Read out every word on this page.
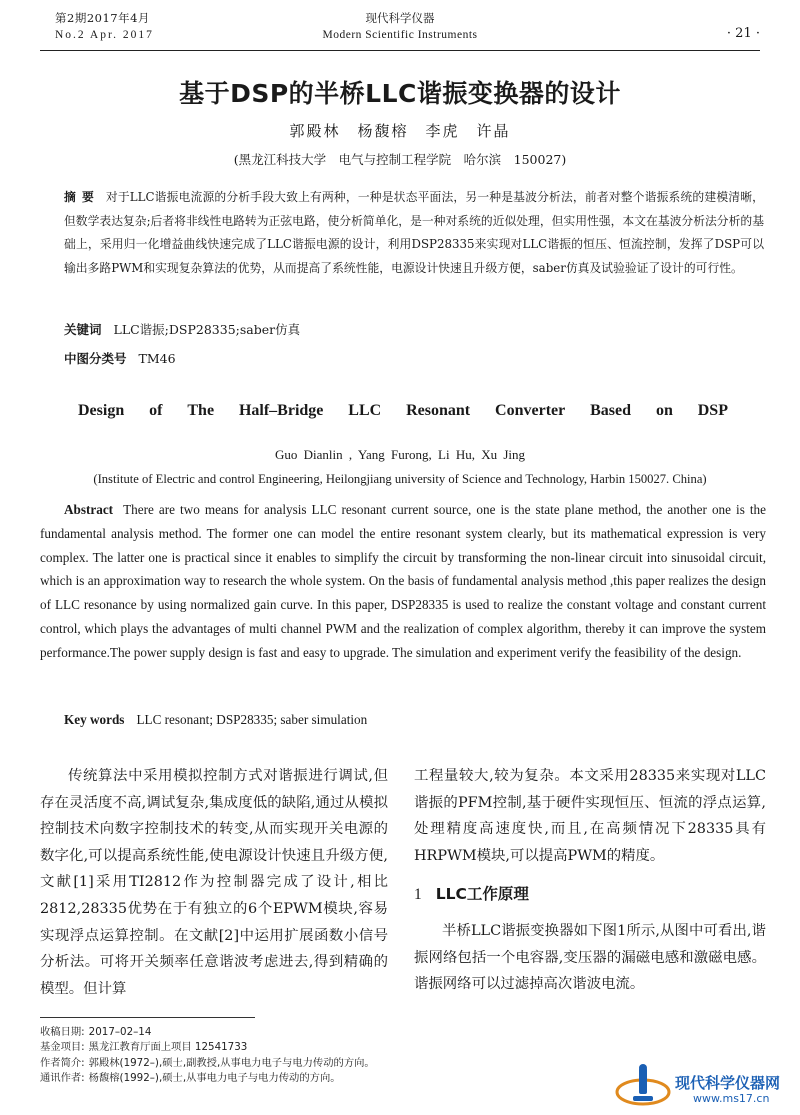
第2期2017年4月
No.2 Apr. 2017
现代科学仪器
Modern Scientific Instruments	· 21 ·
基于DSP的半桥LLC谐振变换器的设计
郭殿林　杨馥榕　李虎　许晶
(黑龙江科技大学　电气与控制工程学院　哈尔滨　150027)
摘要 对于LLC谐振电流源的分析手段大致上有两种，一种是状态平面法，另一种是基波分析法，前者对整个谐振系统的建模清晰，但数学表达复杂;后者将非线性电路转为正弦电路，使分析简单化，是一种对系统的近似处理，但实用性强，本文在基波分析法分析的基础上，采用归一化增益曲线快速完成了LLC谐振电源的设计，利用DSP28335来实现对LLC谐振的恒压、恒流控制，发挥了DSP可以输出多路PWM和实现复杂算法的优势，从而提高了系统性能，电源设计快速且升级方便，saber仿真及试验验证了设计的可行性。
关键词 LLC谐振;DSP28335;saber仿真
中图分类号 TM46
Design of The Half–Bridge LLC Resonant Converter Based on DSP
Guo Dianlin , Yang Furong, Li Hu, Xu Jing
(Institute of Electric and control Engineering, Heilongjiang university of Science and Technology, Harbin 150027. China)
Abstract There are two means for analysis LLC resonant current source, one is the state plane method, the another one is the fundamental analysis method. The former one can model the entire resonant system clearly, but its mathematical expression is very complex. The latter one is practical since it enables to simplify the circuit by transforming the non-linear circuit into sinusoidal circuit, which is an approximation way to research the whole system. On the basis of fundamental analysis method ,this paper realizes the design of LLC resonance by using normalized gain curve. In this paper, DSP28335 is used to realize the constant voltage and constant current control, which plays the advantages of multi channel PWM and the realization of complex algorithm, thereby it can improve the system performance.The power supply design is fast and easy to upgrade. The simulation and experiment verify the feasibility of the design.
Key words LLC resonant; DSP28335; saber simulation
传统算法中采用模拟控制方式对谐振进行调试,但存在灵活度不高,调试复杂,集成度低的缺陷,通过从模拟控制技术向数字控制技术的转变,从而实现开关电源的数字化,可以提高系统性能,使电源设计快速且升级方便,文献[1]采用TI2812作为控制器完成了设计,相比2812,28335优势在于有独立的6个EPWM模块,容易实现浮点运算控制。在文献[2]中运用扩展函数小信号分析法。可将开关频率任意谐波考虑进去,得到精确的模型。但计算
工程量较大,较为复杂。本文采用28335来实现对LLC谐振的PFM控制,基于硬件实现恒压、恒流的浮点运算,处理精度高速度快,而且,在高频情况下28335具有HRPWM模块,可以提高PWM的精度。
1 LLC工作原理
半桥LLC谐振变换器如下图1所示,从图中可看出,谐振网络包括一个电容器,变压器的漏磁电感和激磁电感。谐振网络可以过滤掉高次谐波电流。
收稿日期: 2017–02–14
基金项目: 黑龙江教育厅面上项目 12541733
作者简介: 郭殿林(1972–),硕士,副教授,从事电力电子与电力传动的方向。
通讯作者: 杨馥榕(1992–),硕士,从事电力电子与电力传动的方向。	现代科学仪器网
www.ms17.cn
